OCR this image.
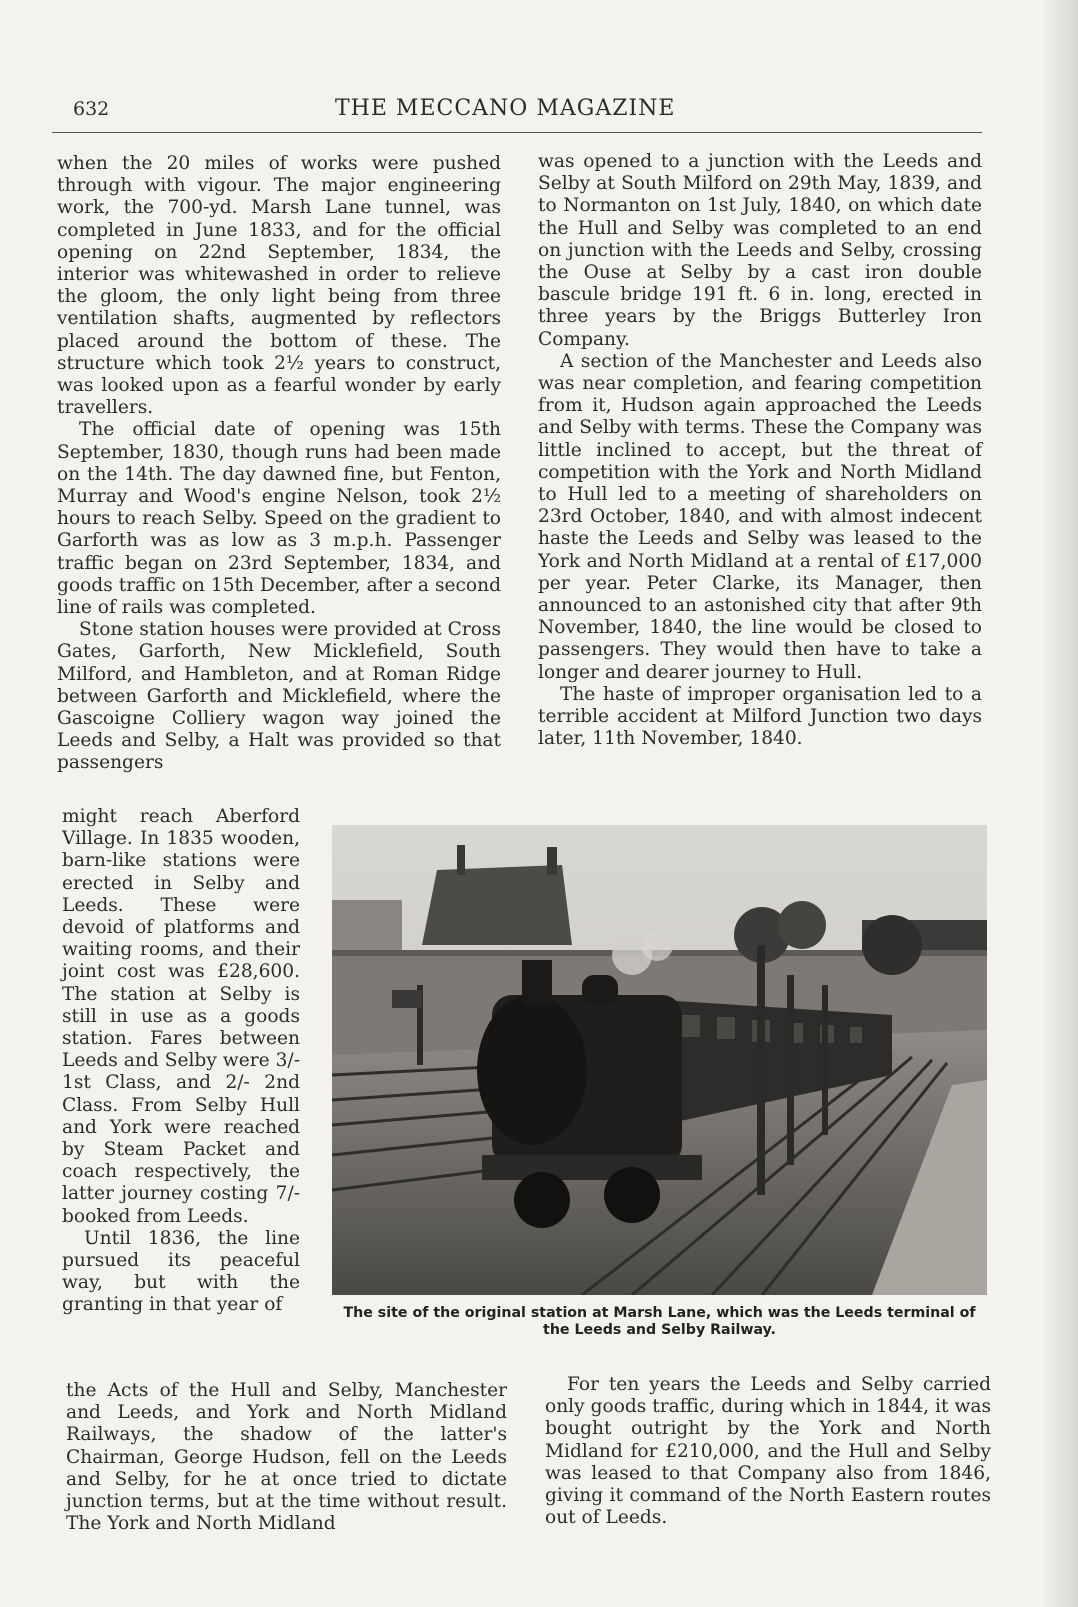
632	THE MECCANO MAGAZINE

when the 20 miles of works were pushed through with vigour. The major engineering work, the 700-yd. Marsh Lane tunnel, was completed in June 1833, and for the official opening on 22nd September, 1834, the interior was whitewashed in order to relieve the gloom, the only light being from three ventilation shafts, augmented by reflectors placed around the bottom of these. The structure which took 2½ years to construct, was looked upon as a fearful wonder by early travellers.

The official date of opening was 15th September, 1830, though runs had been made on the 14th. The day dawned fine, but Fenton, Murray and Wood's engine Nelson, took 2½ hours to reach Selby. Speed on the gradient to Garforth was as low as 3 m.p.h. Passenger traffic began on 23rd September, 1834, and goods traffic on 15th December, after a second line of rails was completed.

Stone station houses were provided at Cross Gates, Garforth, New Micklefield, South Milford, and Hambleton, and at Roman Ridge between Garforth and Micklefield, where the Gascoigne Colliery wagon way joined the Leeds and Selby, a Halt was provided so that passengers

might reach Aberford Village. In 1835 wooden, barn-like stations were erected in Selby and Leeds. These were devoid of platforms and waiting rooms, and their joint cost was £28,600. The station at Selby is still in use as a goods station. Fares between Leeds and Selby were 3/- 1st Class, and 2/- 2nd Class. From Selby Hull and York were reached by Steam Packet and coach respectively, the latter journey costing 7/- booked from Leeds.

Until 1836, the line pursued its peaceful way, but with the granting in that year of

the Acts of the Hull and Selby, Manchester and Leeds, and York and North Midland Railways, the shadow of the latter's Chairman, George Hudson, fell on the Leeds and Selby, for he at once tried to dictate junction terms, but at the time without result. The York and North Midland

was opened to a junction with the Leeds and Selby at South Milford on 29th May, 1839, and to Normanton on 1st July, 1840, on which date the Hull and Selby was completed to an end on junction with the Leeds and Selby, crossing the Ouse at Selby by a cast iron double bascule bridge 191 ft. 6 in. long, erected in three years by the Briggs Butterley Iron Company.

A section of the Manchester and Leeds also was near completion, and fearing competition from it, Hudson again approached the Leeds and Selby with terms. These the Company was little inclined to accept, but the threat of competition with the York and North Midland to Hull led to a meeting of shareholders on 23rd October, 1840, and with almost indecent haste the Leeds and Selby was leased to the York and North Midland at a rental of £17,000 per year. Peter Clarke, its Manager, then announced to an astonished city that after 9th November, 1840, the line would be closed to passengers. They would then have to take a longer and dearer journey to Hull.

The haste of improper organisation led to a terrible accident at Milford Junction two days later, 11th November, 1840.

For ten years the Leeds and Selby carried only goods traffic, during which in 1844, it was bought outright by the York and North Midland for £210,000, and the Hull and Selby was leased to that Company also from 1846, giving it command of the North Eastern routes out of Leeds.

The site of the original station at Marsh Lane, which was the Leeds terminal of the Leeds and Selby Railway.
